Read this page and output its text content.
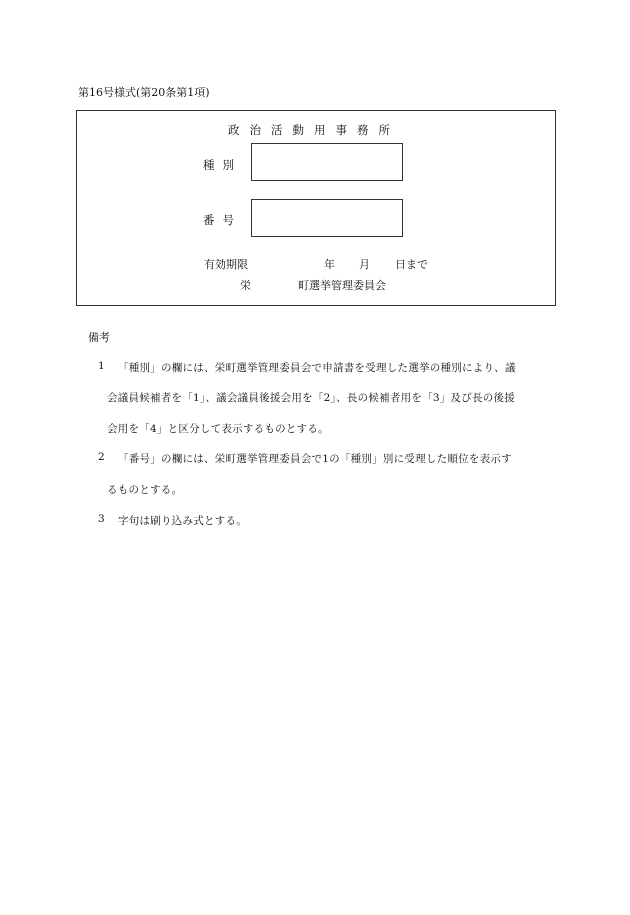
第16号様式(第20条第1項)
政治活動用事務所
種別
番号
有効期限	年 月 日まで
栄	町選挙管理委員会
備考
1 「種別」の欄には、栄町選挙管理委員会で申請書を受理した選挙の種別により、議
会議員候補者を「1」、議会議員後援会用を「2」、長の候補者用を「3」及び長の後援
会用を「4」と区分して表示するものとする。
2 「番号」の欄には、栄町選挙管理委員会で1の「種別」別に受理した順位を表示す
るものとする。
3 字句は刷り込み式とする。
